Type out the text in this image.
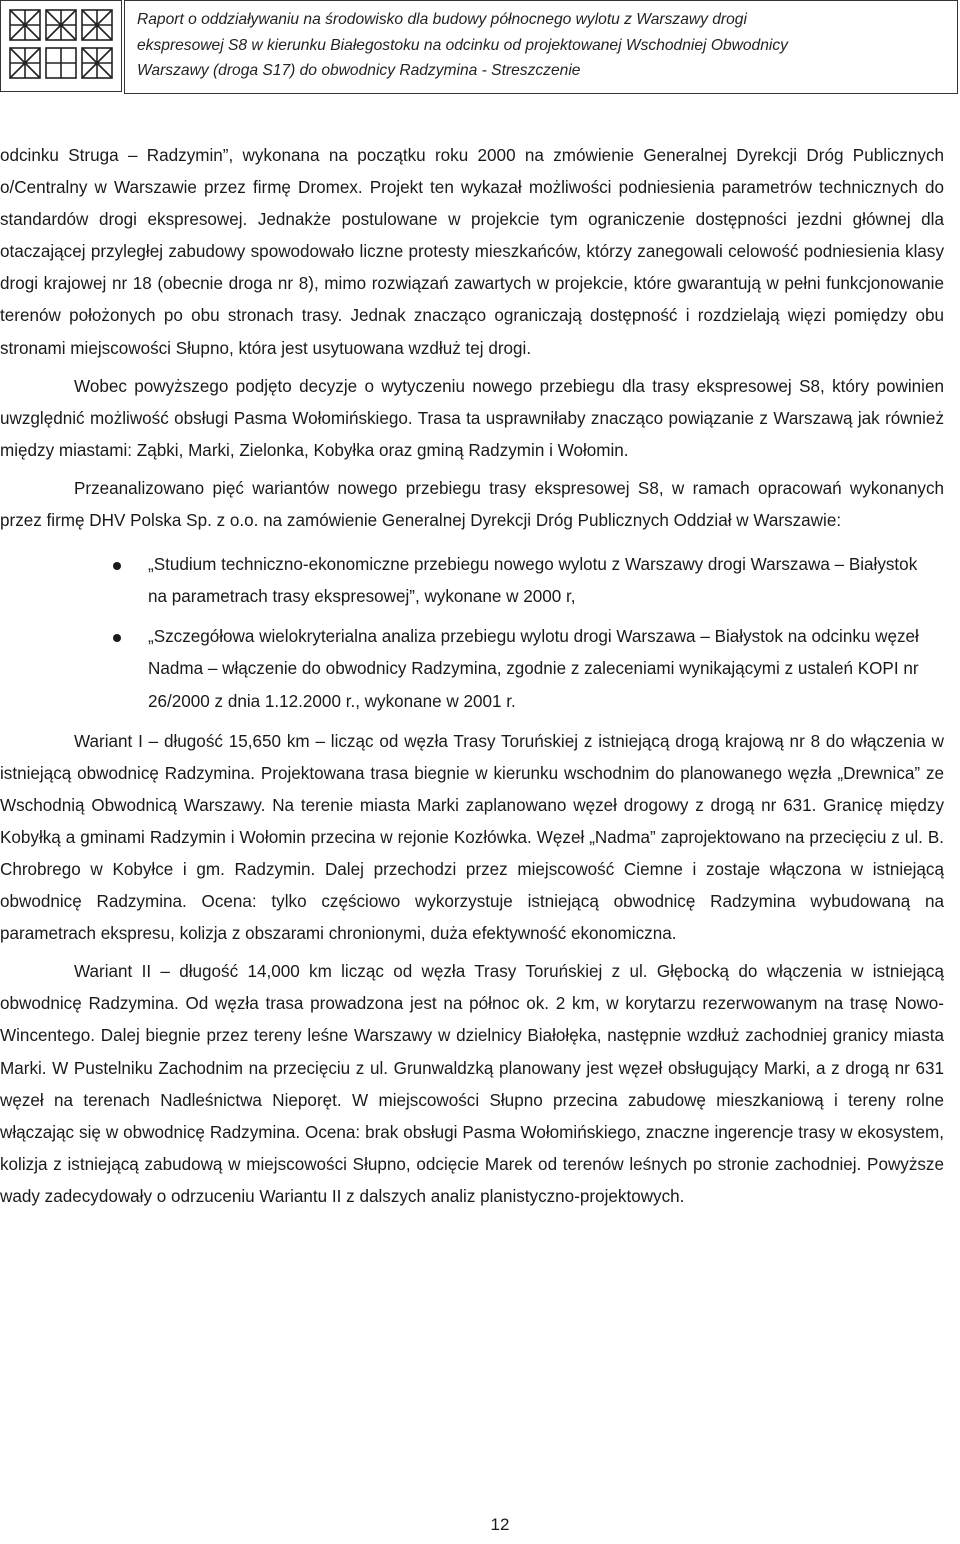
Raport o oddziaływaniu na środowisko dla budowy północnego wylotu z Warszawy drogi

ekspresowej S8 w kierunku Białegostoku na odcinku od projektowanej Wschodniej Obwodnicy

Warszawy (droga S17) do obwodnicy Radzymina - Streszczenie

odcinku Struga – Radzymin”, wykonana na początku roku 2000 na zmówienie Generalnej Dyrekcji Dróg Publicznych o/Centralny w Warszawie przez firmę Dromex. Projekt ten wykazał możliwości podniesienia parametrów technicznych do standardów drogi ekspresowej. Jednakże postulowane w projekcie tym ograniczenie dostępności jezdni głównej dla otaczającej przyległej zabudowy spowodowało liczne protesty mieszkańców, którzy zanegowali celowość podniesienia klasy drogi krajowej nr 18 (obecnie droga nr 8), mimo rozwiązań zawartych w projekcie, które gwarantują w pełni funkcjonowanie terenów położonych po obu stronach trasy. Jednak znacząco ograniczają dostępność i rozdzielają więzi pomiędzy obu stronami miejscowości Słupno, która jest usytuowana wzdłuż tej drogi.

Wobec powyższego podjęto decyzje o wytyczeniu nowego przebiegu dla trasy ekspresowej S8, który powinien uwzględnić możliwość obsługi Pasma Wołomińskiego. Trasa ta usprawniłaby znacząco powiązanie z Warszawą jak również między miastami: Ząbki, Marki, Zielonka, Kobyłka oraz gminą Radzymin i Wołomin.

Przeanalizowano pięć wariantów nowego przebiegu trasy ekspresowej S8, w ramach opracowań wykonanych przez firmę DHV Polska Sp. z o.o. na zamówienie Generalnej Dyrekcji Dróg Publicznych Oddział w Warszawie:

„Studium techniczno-ekonomiczne przebiegu nowego wylotu z Warszawy drogi Warszawa – Białystok na parametrach trasy ekspresowej”, wykonane w 2000 r,
„Szczegółowa wielokryterialna analiza przebiegu wylotu drogi Warszawa – Białystok na odcinku węzeł Nadma – włączenie do obwodnicy Radzymina, zgodnie z zaleceniami wynikającymi z ustaleń KOPI nr 26/2000 z dnia 1.12.2000 r., wykonane w 2001 r.

Wariant I – długość 15,650 km – licząc od węzła Trasy Toruńskiej z istniejącą drogą krajową nr 8 do włączenia w istniejącą obwodnicę Radzymina. Projektowana trasa biegnie w kierunku wschodnim do planowanego węzła „Drewnica” ze Wschodnią Obwodnicą Warszawy. Na terenie miasta Marki zaplanowano węzeł drogowy z drogą nr 631. Granicę między Kobyłką a gminami Radzymin i Wołomin przecina w rejonie Kozłówka. Węzeł „Nadma” zaprojektowano na przecięciu z ul. B. Chrobrego w Kobyłce i gm. Radzymin. Dalej przechodzi przez miejscowość Ciemne i zostaje włączona w istniejącą obwodnicę Radzymina. Ocena: tylko częściowo wykorzystuje istniejącą obwodnicę Radzymina wybudowaną na parametrach ekspresu, kolizja z obszarami chronionymi, duża efektywność ekonomiczna.

Wariant II – długość 14,000 km licząc od węzła Trasy Toruńskiej z ul. Głębocką do włączenia w istniejącą obwodnicę Radzymina. Od węzła trasa prowadzona jest na północ ok. 2 km, w korytarzu rezerwowanym na trasę Nowo-Wincentego. Dalej biegnie przez tereny leśne Warszawy w dzielnicy Białołęka, następnie wzdłuż zachodniej granicy miasta Marki. W Pustelniku Zachodnim na przecięciu z ul. Grunwaldzką planowany jest węzeł obsługujący Marki, a z drogą nr 631 węzeł na terenach Nadleśnictwa Nieporęt. W miejscowości Słupno przecina zabudowę mieszkaniową i tereny rolne włączając się w obwodnicę Radzymina. Ocena: brak obsługi Pasma Wołomińskiego, znaczne ingerencje trasy w ekosystem, kolizja z istniejącą zabudową w miejscowości Słupno, odcięcie Marek od terenów leśnych po stronie zachodniej. Powyższe wady zadecydowały o odrzuceniu Wariantu II z dalszych analiz planistyczno-projektowych.

12
